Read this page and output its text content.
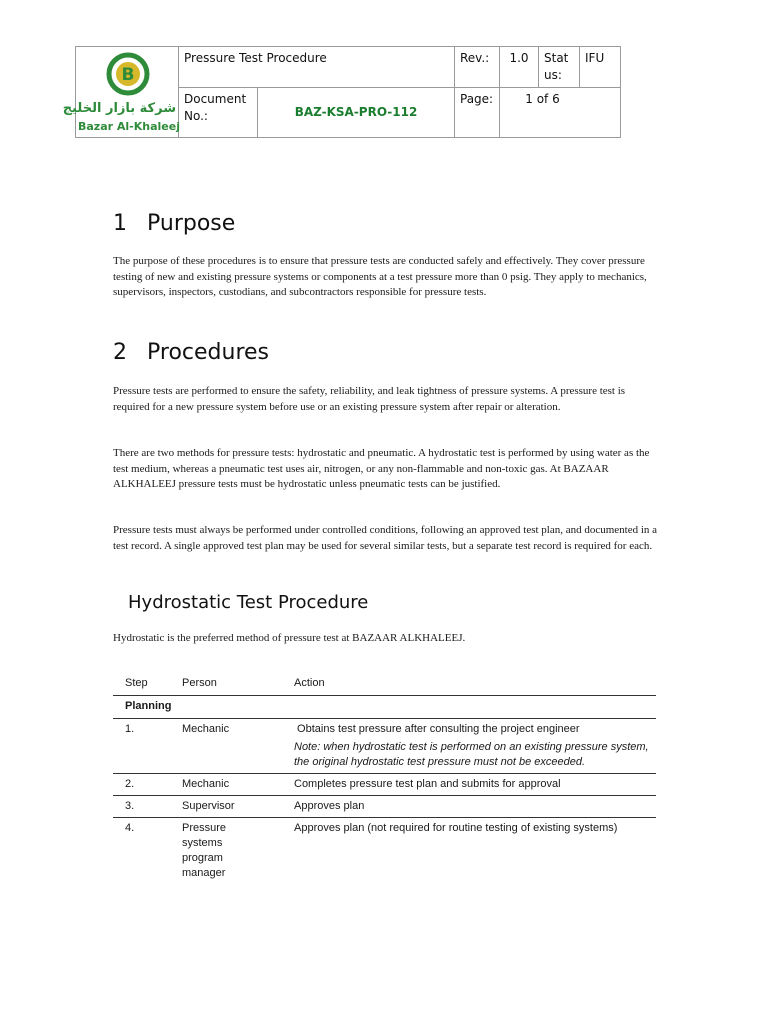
B
شركة بازار الخليج
Bazar Al-Khaleej	Pressure Test Procedure		Rev.:	1.0	Status:	IFU
	Document No.:	BAZ-KSA-PRO-112	Page:	1 of 6		
1 Purpose

The purpose of these procedures is to ensure that pressure tests are conducted safely and effectively. They cover pressure testing of new and existing pressure systems or components at a test pressure more than 0 psig. They apply to mechanics, supervisors, inspectors, custodians, and subcontractors responsible for pressure tests.

2 Procedures

Pressure tests are performed to ensure the safety, reliability, and leak tightness of pressure systems. A pressure test is required for a new pressure system before use or an existing pressure system after repair or alteration.

There are two methods for pressure tests: hydrostatic and pneumatic. A hydrostatic test is performed by using water as the test medium, whereas a pneumatic test uses air, nitrogen, or any non-flammable and non-toxic gas. At BAZAAR ALKHALEEJ pressure tests must be hydrostatic unless pneumatic tests can be justified.

Pressure tests must always be performed under controlled conditions, following an approved test plan, and documented in a test record. A single approved test plan may be used for several similar tests, but a separate test record is required for each.

Hydrostatic Test Procedure

Hydrostatic is the preferred method of pressure test at BAZAAR ALKHALEEJ.

Step	Person	Action
Planning		
1.	Mechanic	Obtains test pressure after consulting the project engineer
Note: when hydrostatic test is performed on an existing pressure system, the original hydrostatic test pressure must not be exceeded.

2.	Mechanic	Completes pressure test plan and submits for approval
3.	Supervisor	Approves plan
4.	Pressure systems program manager	Approves plan (not required for routine testing of existing systems)
